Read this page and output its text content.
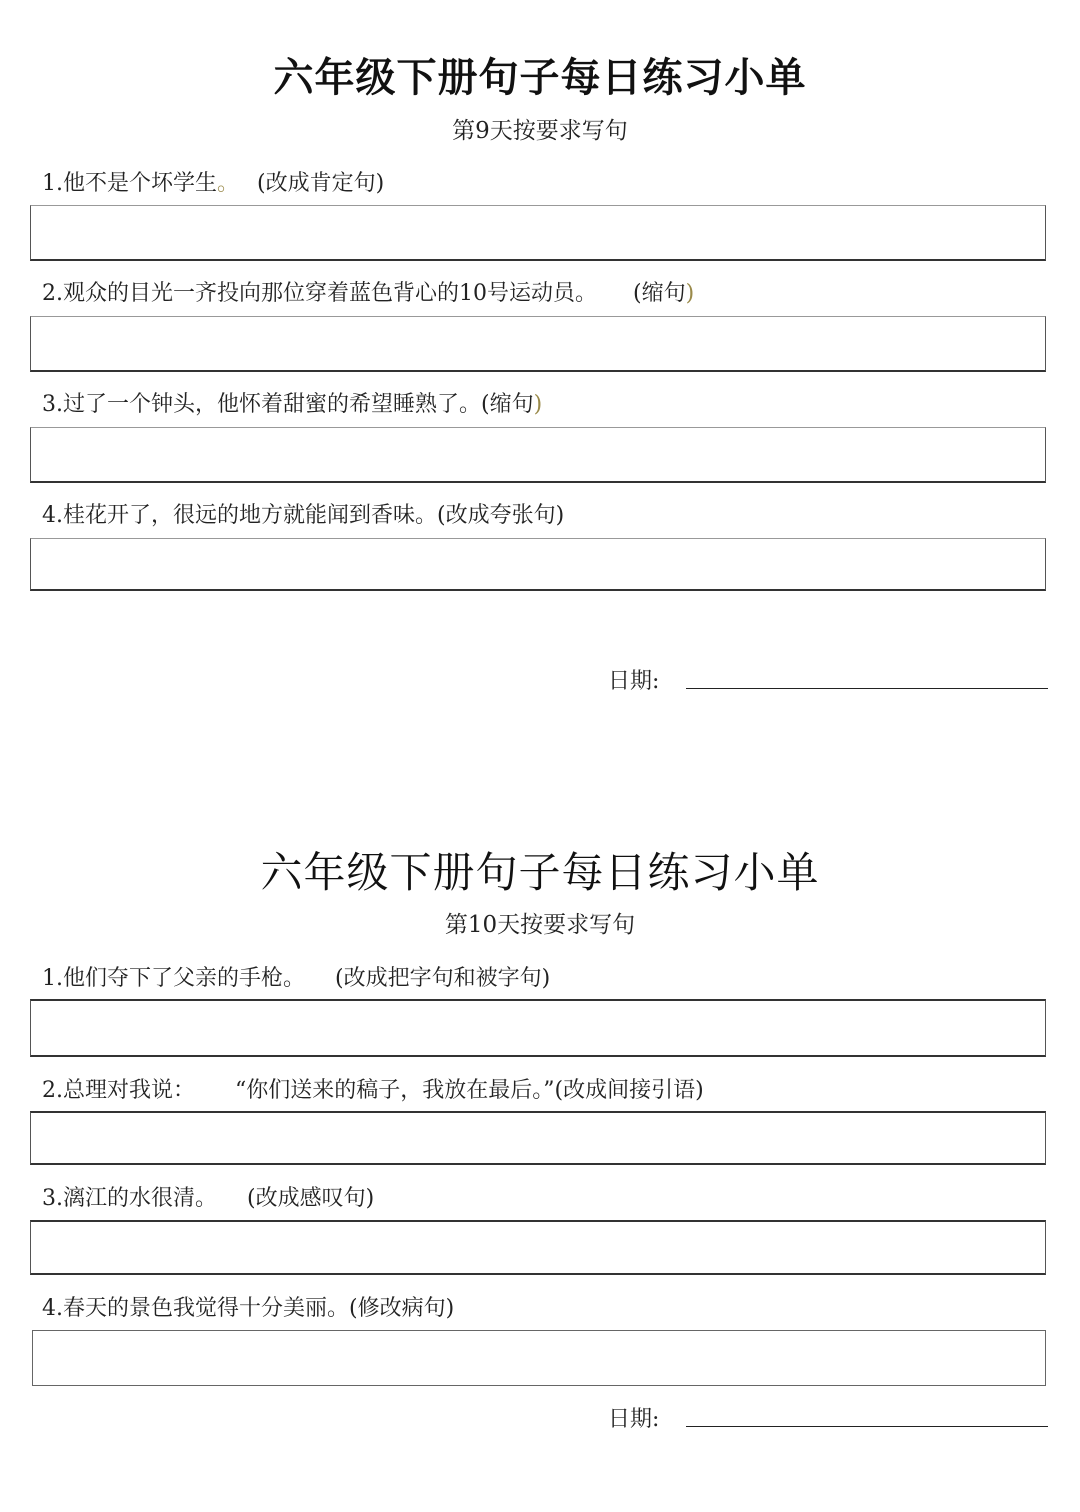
六年级下册句子每日练习小单
第9天按要求写句
1.他不是个坏学生。 (改成肯定句)
2.观众的目光一齐投向那位穿着蓝色背心的10号运动员。 (缩句)
3.过了一个钟头，他怀着甜蜜的希望睡熟了。(缩句)
4.桂花开了，很远的地方就能闻到香味。(改成夸张句)
日期:
六年级下册句子每日练习小单
第10天按要求写句
1.他们夺下了父亲的手枪。 (改成把字句和被字句)
2.总理对我说： “你们送来的稿子，我放在最后。”(改成间接引语)
3.漓江的水很清。 (改成感叹句)
4.春天的景色我觉得十分美丽。(修改病句)
日期:
